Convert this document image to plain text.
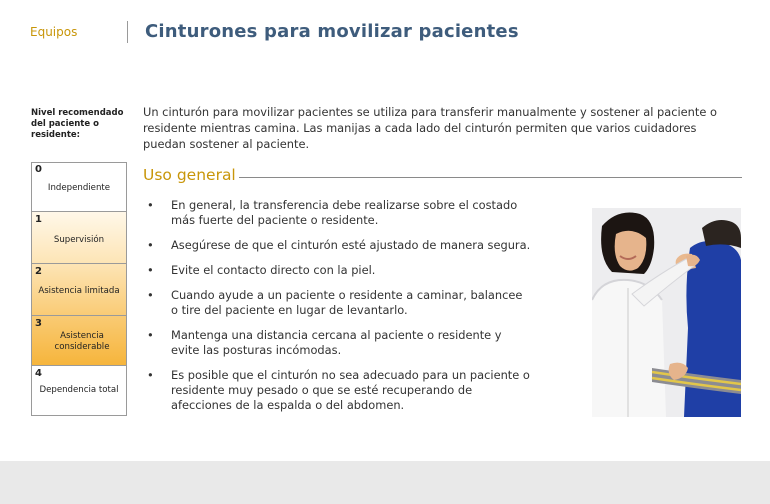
Equipos	Cinturones para movilizar pacientes
Nivel recomendado del paciente o residente:
Un cinturón para movilizar pacientes se utiliza para transferir manualmente y sostener al paciente o residente mientras camina. Las manijas a cada lado del cinturón permiten que varios cuidadores puedan sostener al paciente.
Uso general
0
Independiente
1
Supervisión
2
Asistencia limitada
3
Asistencia considerable
4
Dependencia total
• En general, la transferencia debe realizarse sobre el costado más fuerte del paciente o residente.
• Asegúrese de que el cinturón esté ajustado de manera segura.
• Evite el contacto directo con la piel.
• Cuando ayude a un paciente o residente a caminar, balancee o tire del paciente en lugar de levantarlo.
• Mantenga una distancia cercana al paciente o residente y evite las posturas incómodas.
• Es posible que el cinturón no sea adecuado para un paciente o residente muy pesado o que se esté recuperando de afecciones de la espalda o del abdomen.
